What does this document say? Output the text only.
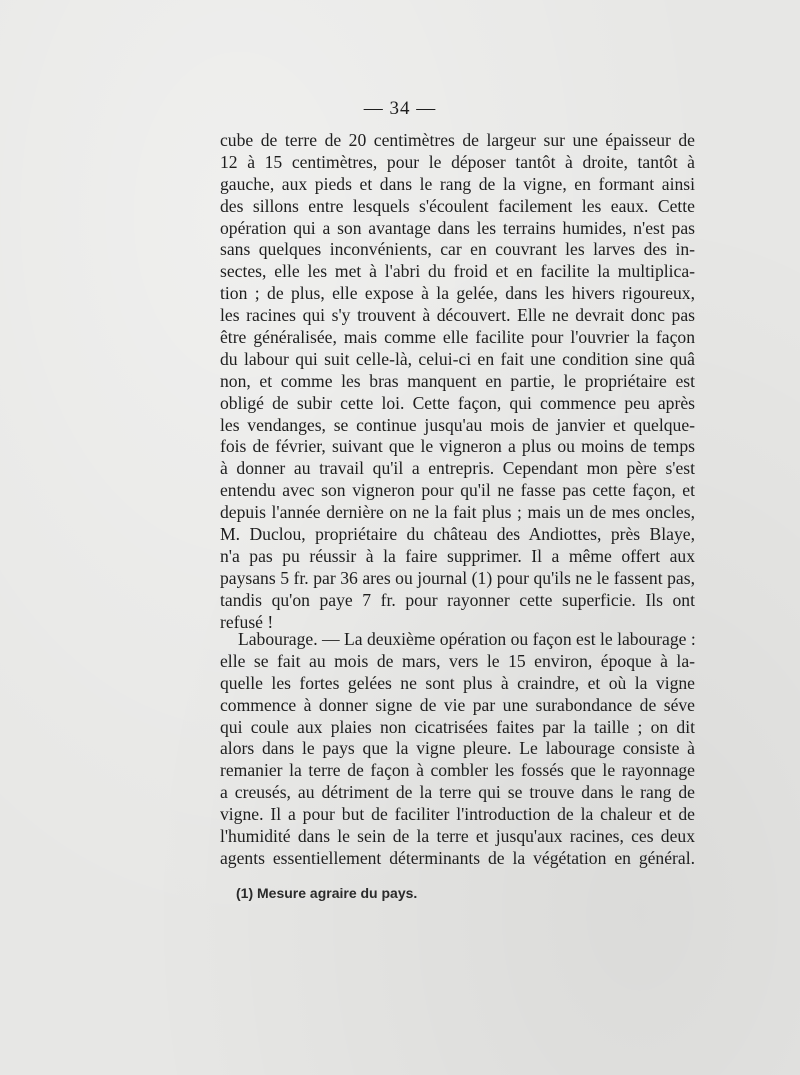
— 34 —
cube de terre de 20 centimètres de largeur sur une épaisseur de
12 à 15 centimètres, pour le déposer tantôt à droite, tantôt à
gauche, aux pieds et dans le rang de la vigne, en formant ainsi
des sillons entre lesquels s'écoulent facilement les eaux. Cette
opération qui a son avantage dans les terrains humides, n'est pas
sans quelques inconvénients, car en couvrant les larves des in-
sectes, elle les met à l'abri du froid et en facilite la multiplica-
tion ; de plus, elle expose à la gelée, dans les hivers rigoureux,
les racines qui s'y trouvent à découvert. Elle ne devrait donc pas
être généralisée, mais comme elle facilite pour l'ouvrier la façon
du labour qui suit celle-là, celui-ci en fait une condition sine quâ
non, et comme les bras manquent en partie, le propriétaire est
obligé de subir cette loi. Cette façon, qui commence peu après
les vendanges, se continue jusqu'au mois de janvier et quelque-
fois de février, suivant que le vigneron a plus ou moins de temps
à donner au travail qu'il a entrepris. Cependant mon père s'est
entendu avec son vigneron pour qu'il ne fasse pas cette façon, et
depuis l'année dernière on ne la fait plus ; mais un de mes oncles,
M. Duclou, propriétaire du château des Andiottes, près Blaye,
n'a pas pu réussir à la faire supprimer. Il a même offert aux
paysans 5 fr. par 36 ares ou journal (1) pour qu'ils ne le fassent pas,
tandis qu'on paye 7 fr. pour rayonner cette superficie. Ils ont
refusé !
Labourage. — La deuxième opération ou façon est le labourage :
elle se fait au mois de mars, vers le 15 environ, époque à la-
quelle les fortes gelées ne sont plus à craindre, et où la vigne
commence à donner signe de vie par une surabondance de séve
qui coule aux plaies non cicatrisées faites par la taille ; on dit
alors dans le pays que la vigne pleure. Le labourage consiste à
remanier la terre de façon à combler les fossés que le rayonnage
a creusés, au détriment de la terre qui se trouve dans le rang de
vigne. Il a pour but de faciliter l'introduction de la chaleur et de
l'humidité dans le sein de la terre et jusqu'aux racines, ces deux
agents essentiellement déterminants de la végétation en général.
(1) Mesure agraire du pays.
